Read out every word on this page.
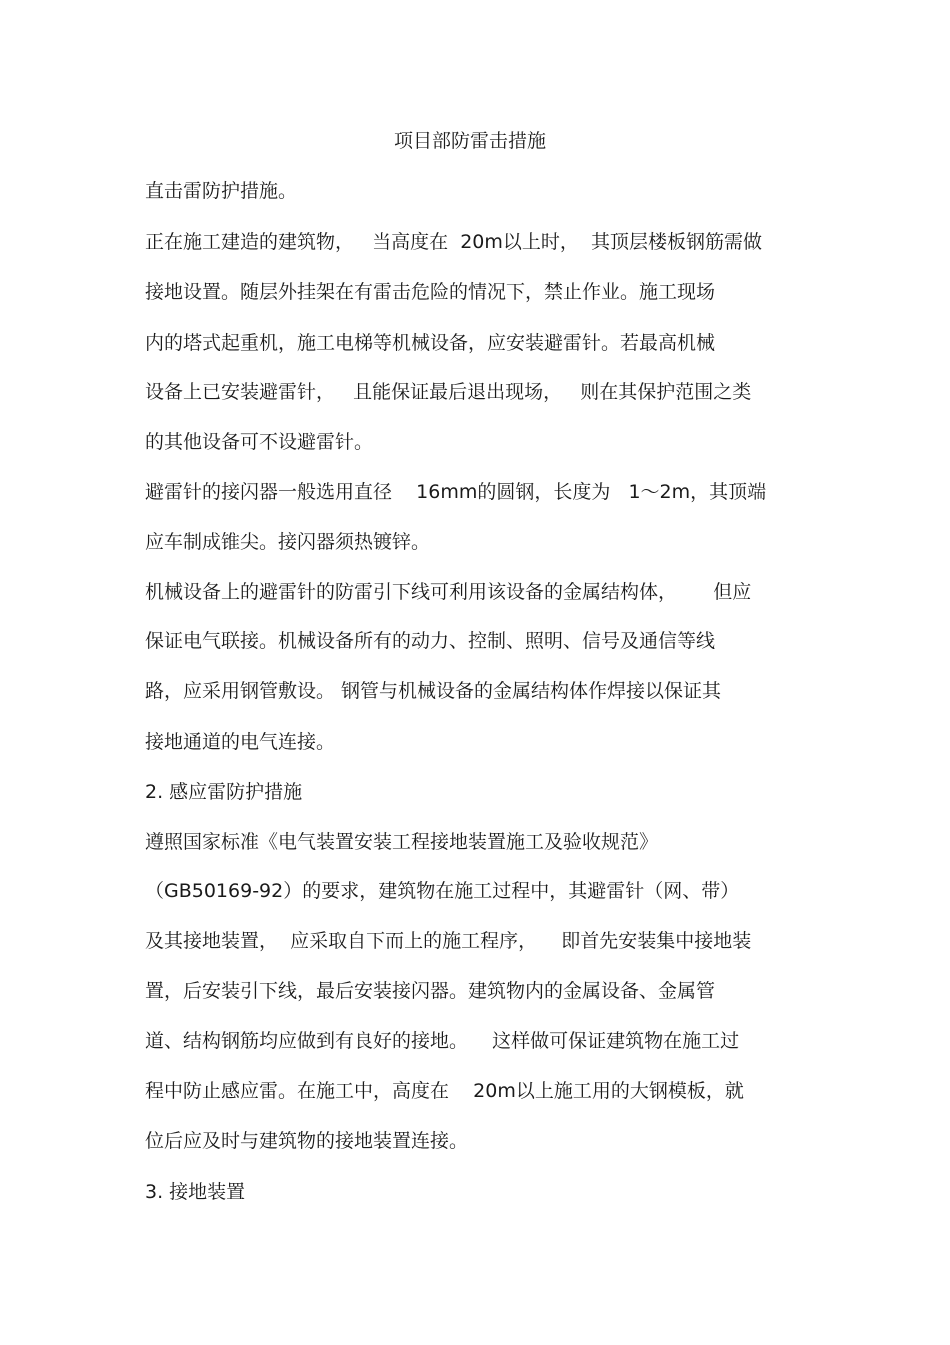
项目部防雷击措施
直击雷防护措施。
正在施工建造的建筑物，   当高度在  20m以上时，  其顶层楼板钢筋需做
接地设置。随层外挂架在有雷击危险的情况下，禁止作业。施工现场
内的塔式起重机，施工电梯等机械设备，应安装避雷针。若最高机械
设备上已安装避雷针，   且能保证最后退出现场，   则在其保护范围之类
的其他设备可不设避雷针。
避雷针的接闪器一般选用直径    16mm的圆钢，长度为   1～2m，其顶端
应车制成锥尖。接闪器须热镀锌。
机械设备上的避雷针的防雷引下线可利用该设备的金属结构体，      但应
保证电气联接。机械设备所有的动力、控制、照明、信号及通信等线
路，应采用钢管敷设。 钢管与机械设备的金属结构体作焊接以保证其
接地通道的电气连接。
2. 感应雷防护措施
遵照国家标准《电气装置安装工程接地装置施工及验收规范》
（GB50169-92）的要求，建筑物在施工过程中，其避雷针（网、带）
及其接地装置，  应采取自下而上的施工程序，    即首先安装集中接地装
置，后安装引下线，最后安装接闪器。建筑物内的金属设备、金属管
道、结构钢筋均应做到有良好的接地。    这样做可保证建筑物在施工过
程中防止感应雷。在施工中，高度在    20m以上施工用的大钢模板，就
位后应及时与建筑物的接地装置连接。
3. 接地装置
